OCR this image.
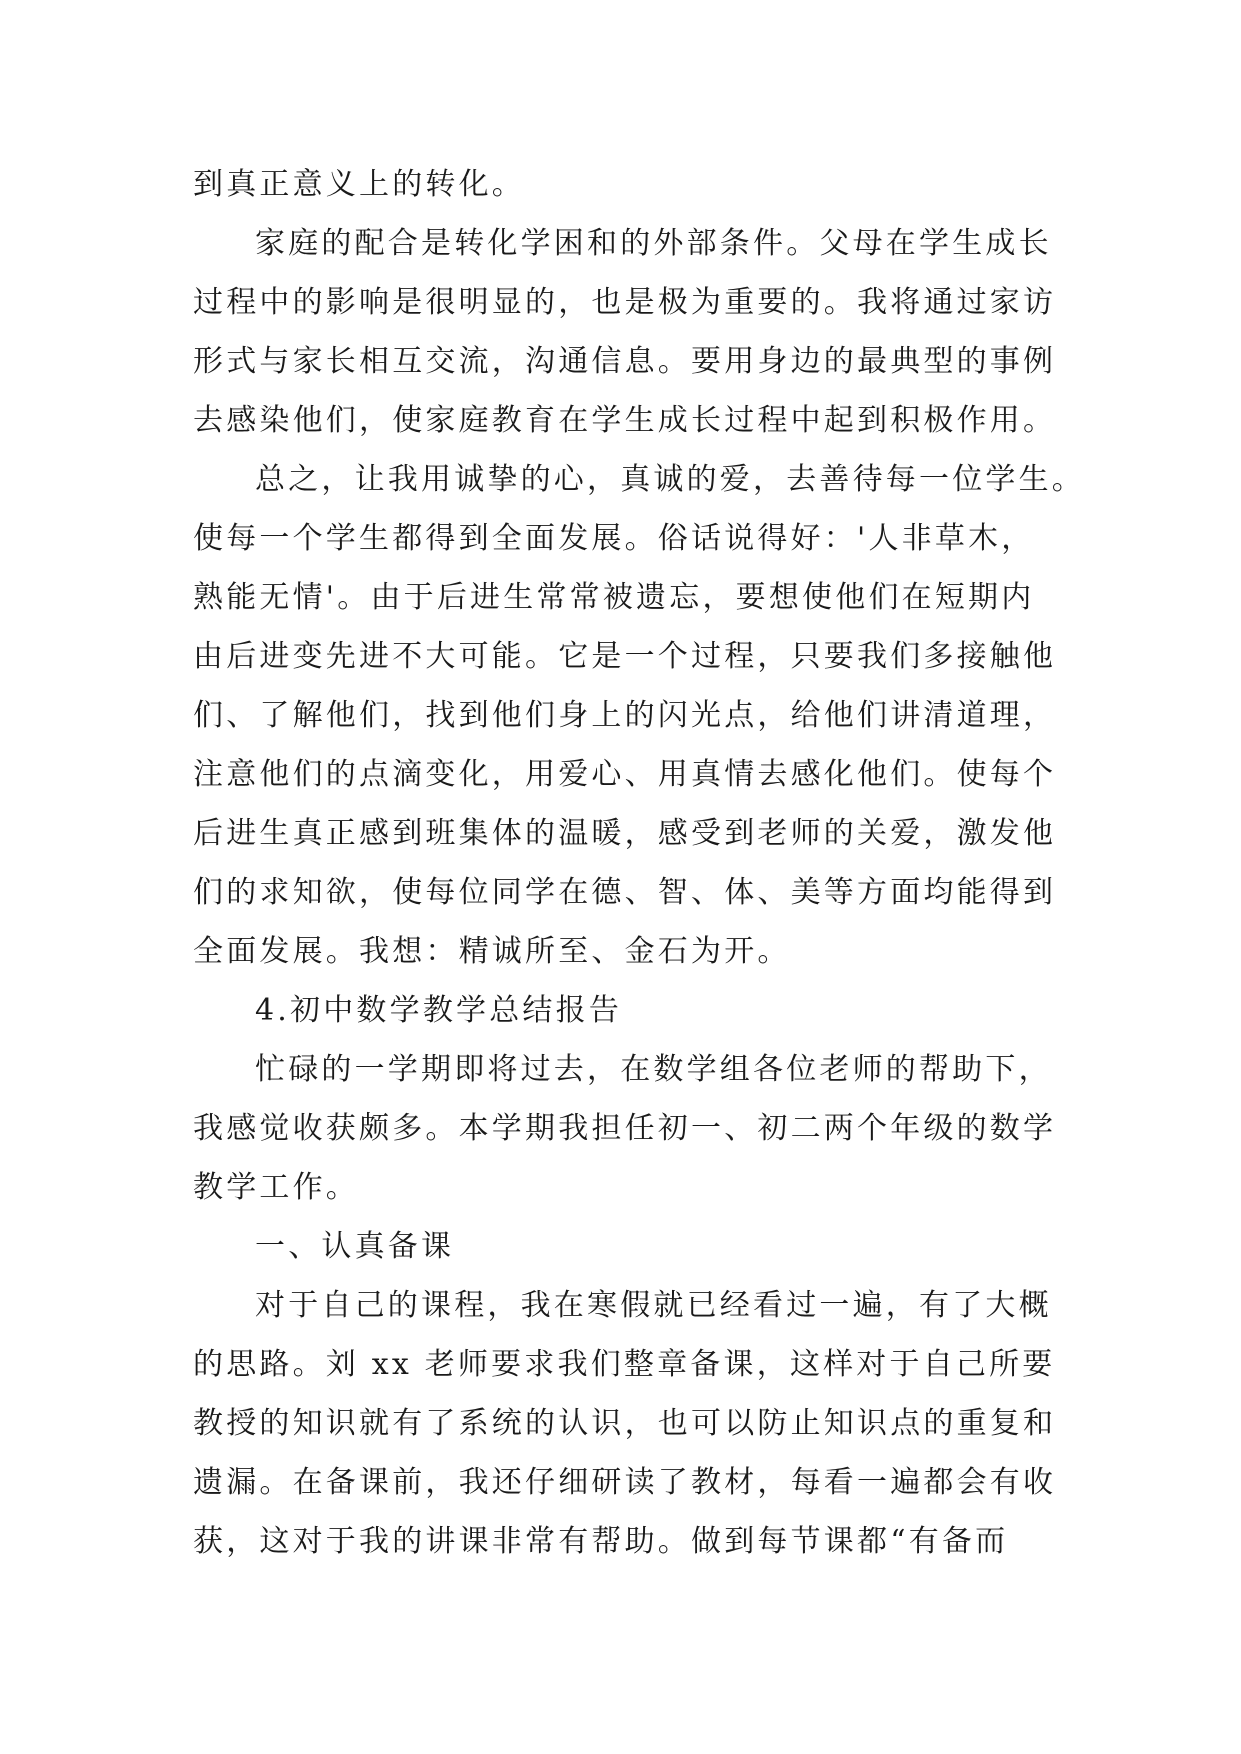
到真正意义上的转化。
家庭的配合是转化学困和的外部条件。父母在学生成长
过程中的影响是很明显的，也是极为重要的。我将通过家访
形式与家长相互交流，沟通信息。要用身边的最典型的事例
去感染他们，使家庭教育在学生成长过程中起到积极作用。
总之，让我用诚挚的心，真诚的爱，去善待每一位学生。
使每一个学生都得到全面发展。俗话说得好：'人非草木，
熟能无情'。由于后进生常常被遗忘，要想使他们在短期内
由后进变先进不大可能。它是一个过程，只要我们多接触他
们、了解他们，找到他们身上的闪光点，给他们讲清道理，
注意他们的点滴变化，用爱心、用真情去感化他们。使每个
后进生真正感到班集体的温暖，感受到老师的关爱，激发他
们的求知欲，使每位同学在德、智、体、美等方面均能得到
全面发展。我想：精诚所至、金石为开。
4.初中数学教学总结报告
忙碌的一学期即将过去，在数学组各位老师的帮助下，
我感觉收获颇多。本学期我担任初一、初二两个年级的数学
教学工作。
一、认真备课
对于自己的课程，我在寒假就已经看过一遍，有了大概
的思路。刘 xx 老师要求我们整章备课，这样对于自己所要
教授的知识就有了系统的认识，也可以防止知识点的重复和
遗漏。在备课前，我还仔细研读了教材，每看一遍都会有收
获，这对于我的讲课非常有帮助。做到每节课都“有备而
